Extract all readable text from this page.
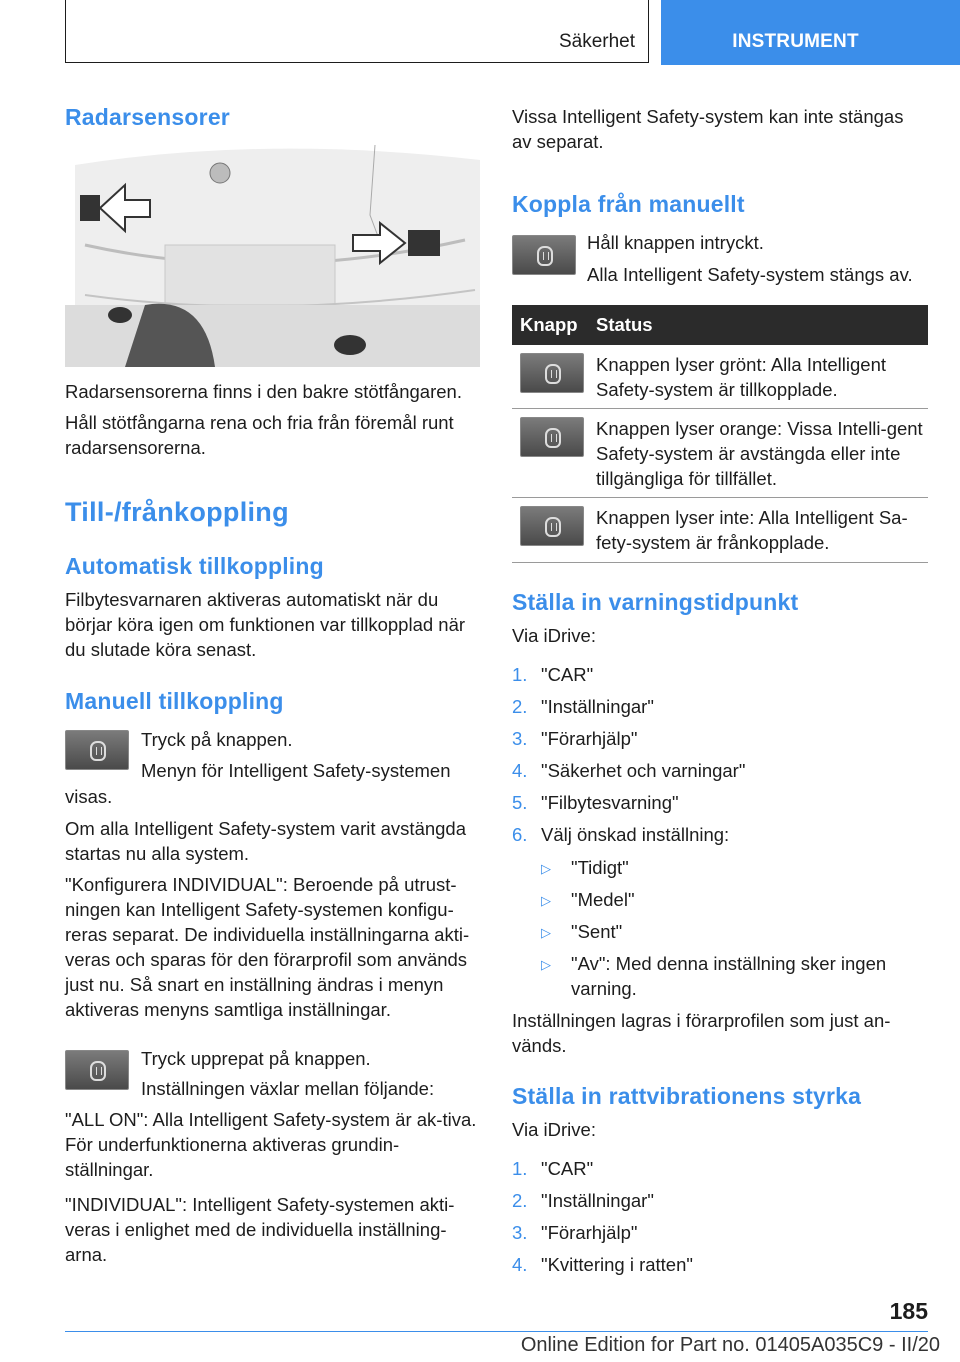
Säkerhet	INSTRUMENT
Radarsensorer

Radarsensorerna finns i den bakre stötfångaren.

Håll stötfångarna rena och fria från föremål runt radarsensorerna.

Till-/frånkoppling
Automatisk tillkoppling

Filbytesvarnaren aktiveras automatiskt när du börjar köra igen om funktionen var tillkopplad när du slutade köra senast.

Manuell tillkoppling

Tryck på knappen.

Menyn för Intelligent Safety-systemen

visas.

Om alla Intelligent Safety-system varit avstängda startas nu alla system.

"Konfigurera INDIVIDUAL": Beroende på utrust-ningen kan Intelligent Safety-systemen konfigu-reras separat. De individuella inställningarna akti-veras och sparas för den förarprofil som används just nu. Så snart en inställning ändras i menyn aktiveras menyns samtliga inställningar.

Tryck upprepat på knappen.

Inställningen växlar mellan följande:

"ALL ON": Alla Intelligent Safety-system är ak-tiva. För underfunktionerna aktiveras grundin-ställningar.

"INDIVIDUAL": Intelligent Safety-systemen akti-veras i enlighet med de individuella inställning-arna.

Vissa Intelligent Safety-system kan inte stängas av separat.

Koppla från manuellt

Håll knappen intryckt.

Alla Intelligent Safety-system stängs av.

Knapp Status
Knappen lyser grönt: Alla Intelligent Safety-system är tillkopplade.
Knappen lyser orange: Vissa Intelli-gent Safety-system är avstängda eller inte tillgängliga för tillfället.
Knappen lyser inte: Alla Intelligent Sa-fety-system är frånkopplade.
Ställa in varningstidpunkt

Via iDrive:

1. "CAR"
2. "Inställningar"
3. "Förarhjälp"
4. "Säkerhet och varningar"
5. "Filbytesvarning"
6. Välj önskad inställning:
▷ "Tidigt"
▷ "Medel"
▷ "Sent"
▷ "Av": Med denna inställning sker ingen
varning.

Inställningen lagras i förarprofilen som just an-vänds.

Ställa in rattvibrationens styrka

Via iDrive:

1. "CAR"
2. "Inställningar"
3. "Förarhjälp"
4. "Kvittering i ratten"
185
Online Edition for Part no. 01405A035C9 - II/20
